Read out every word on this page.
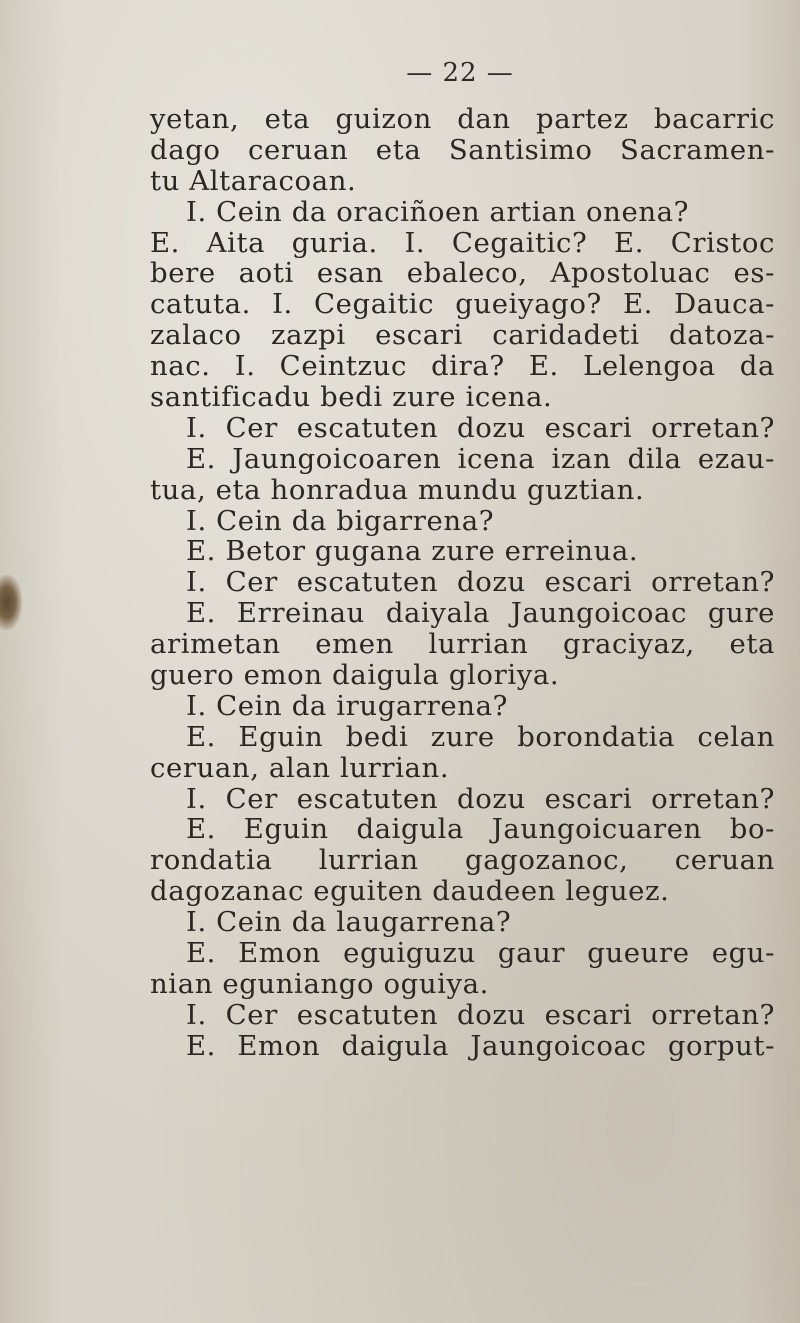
— 22 —
yetan, eta guizon dan partez bacarric
dago ceruan eta Santisimo Sacramen-
tu Altaracoan.
I. Cein da oraciñoen artian onena?
E. Aita guria. I. Cegaitic? E. Cristoc
bere aoti esan ebaleco, Apostoluac es-
catuta. I. Cegaitic gueiyago? E. Dauca-
zalaco zazpi escari caridadeti datoza-
nac. I. Ceintzuc dira? E. Lelengoa da
santificadu bedi zure icena.
I. Cer escatuten dozu escari orretan?
E. Jaungoicoaren icena izan dila ezau-
tua, eta honradua mundu guztian.
I. Cein da bigarrena?
E. Betor gugana zure erreinua.
I. Cer escatuten dozu escari orretan?
E. Erreinau daiyala Jaungoicoac gure
arimetan emen lurrian graciyaz, eta
guero emon daigula gloriya.
I. Cein da irugarrena?
E. Eguin bedi zure borondatia celan
ceruan, alan lurrian.
I. Cer escatuten dozu escari orretan?
E. Eguin daigula Jaungoicuaren bo-
rondatia lurrian gagozanoc, ceruan
dagozanac eguiten daudeen leguez.
I. Cein da laugarrena?
E. Emon eguiguzu gaur gueure egu-
nian eguniango oguiya.
I. Cer escatuten dozu escari orretan?
E. Emon daigula Jaungoicoac gorput-
